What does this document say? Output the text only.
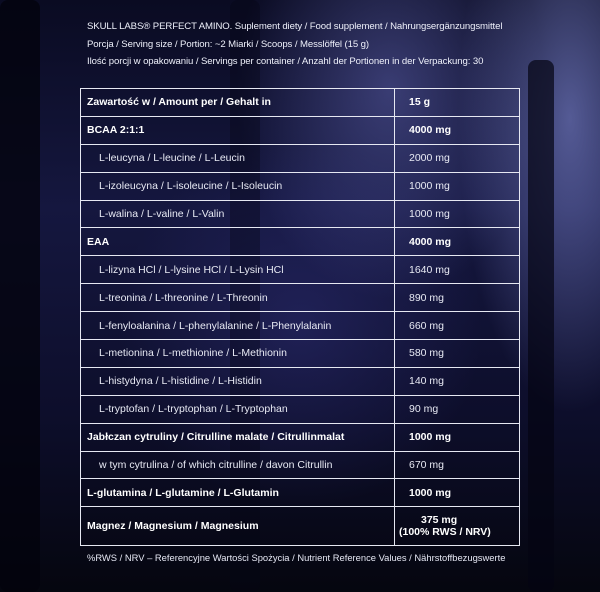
SKULL LABS® PERFECT AMINO. Suplement diety / Food supplement / Nahrungsergänzungsmittel
Porcja / Serving size / Portion: ~2 Miarki / Scoops / Messlöffel (15 g)
Ilość porcji w opakowaniu / Servings per container / Anzahl der Portionen in der Verpackung: 30
Zawartość w / Amount per / Gehalt in	15 g
BCAA 2:1:1	4000 mg
L-leucyna / L-leucine / L-Leucin	2000 mg
L-izoleucyna / L-isoleucine / L-Isoleucin	1000 mg
L-walina / L-valine / L-Valin	1000 mg
EAA	4000 mg
L-lizyna HCl / L-lysine HCl / L-Lysin HCl	1640 mg
L-treonina / L-threonine / L-Threonin	890 mg
L-fenyloalanina / L-phenylalanine / L-Phenylalanin	660 mg
L-metionina / L-methionine / L-Methionin	580 mg
L-histydyna / L-histidine / L-Histidin	140 mg
L-tryptofan / L-tryptophan / L-Tryptophan	90 mg
Jabłczan cytruliny / Citrulline malate / Citrullinmalat	1000 mg
w tym cytrulina / of which citrulline / davon Citrullin	670 mg
L-glutamina / L-glutamine / L-Glutamin	1000 mg
Magnez / Magnesium / Magnesium	375 mg
(100% RWS / NRV)
%RWS / NRV – Referencyjne Wartości Spożycia / Nutrient Reference Values / Nährstoffbezugswerte
